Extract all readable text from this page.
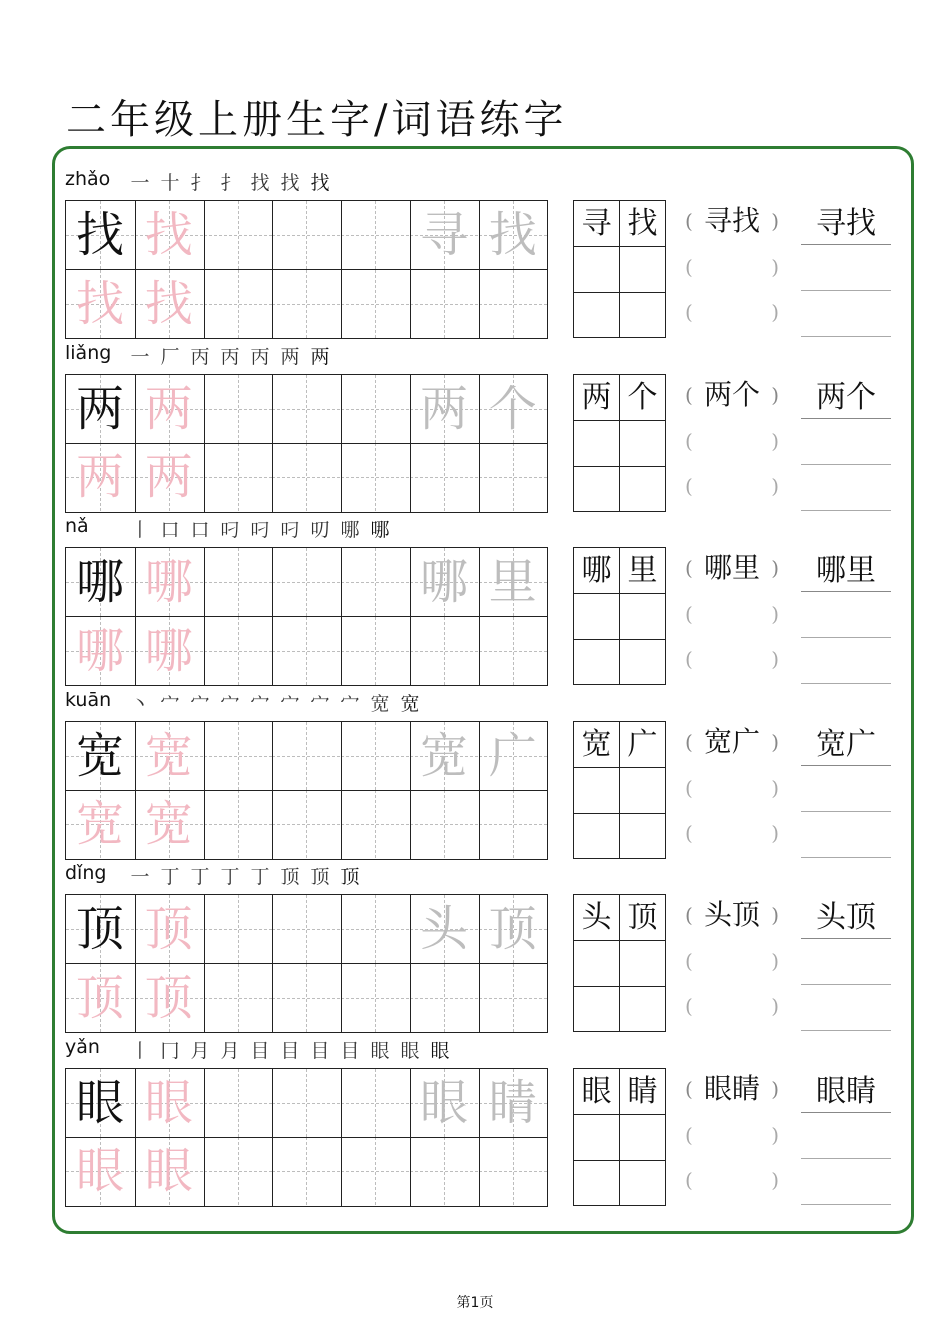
二年级上册生字/词语练字
zhǎo 一 十 扌 扌 找 找 找
找 找
找 找
寻 找	寻 找	( 寻找 )
(	)
(	)
寻找
liǎng 一 厂 丙 丙 丙 两 两
两 两
两 两
两 个	两 个	( 两个 )
(	)
(	)
两个
nǎ 丨 口 口 叼 叼 叼 叨 哪 哪
哪 哪
哪 哪
哪 里	哪 里	( 哪里 )
(	)
(	)
哪里
kuān 丶 宀 宀 宀 宀 宀 宀 宀 宽 宽
宽 宽
宽 宽
宽 广	宽 广	( 宽广 )
(	)
(	)
宽广
dǐng 一 丁 丁 丁 丁 顶 顶 顶
顶 顶
顶 顶
头 顶	头 顶	( 头顶 )
(	)
(	)
头顶
yǎn 丨 冂 月 月 目 目 目 目 眼 眼 眼
眼 眼
眼 眼
眼 睛	眼 睛	( 眼睛 )
(	)
(	)
眼睛
第1页
